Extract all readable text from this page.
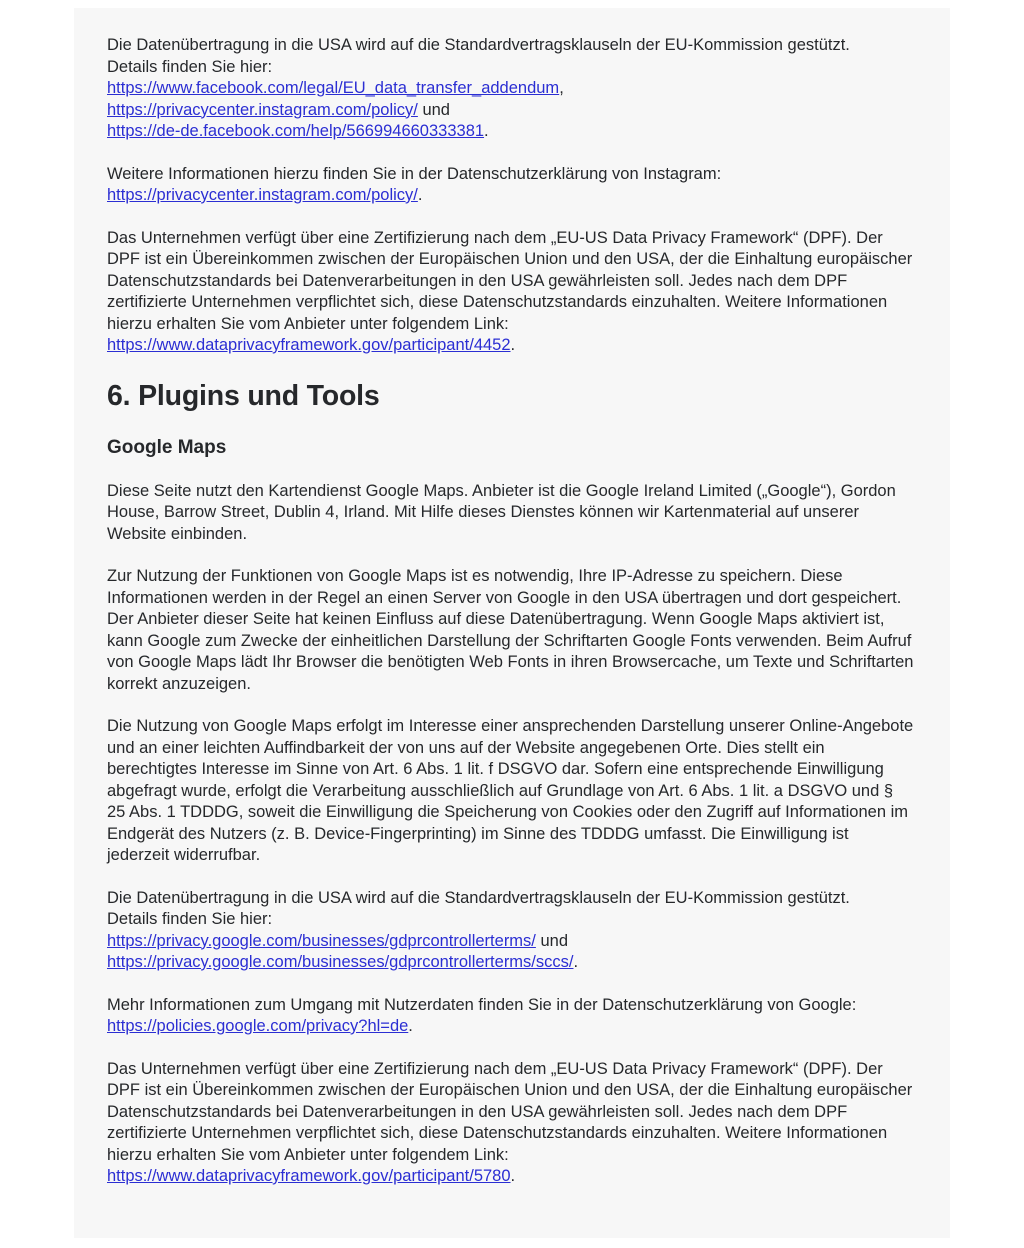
Die Datenübertragung in die USA wird auf die Standardvertragsklauseln der EU-Kommission gestützt.
Details finden Sie hier:
https://www.facebook.com/legal/EU_data_transfer_addendum,
https://privacycenter.instagram.com/policy/ und
https://de-de.facebook.com/help/566994660333381.

Weitere Informationen hierzu finden Sie in der Datenschutzerklärung von Instagram:
https://privacycenter.instagram.com/policy/.

Das Unternehmen verfügt über eine Zertifizierung nach dem „EU-US Data Privacy Framework“ (DPF). Der DPF ist ein Übereinkommen zwischen der Europäischen Union und den USA, der die Einhaltung europäischer Datenschutzstandards bei Datenverarbeitungen in den USA gewährleisten soll. Jedes nach dem DPF zertifizierte Unternehmen verpflichtet sich, diese Datenschutzstandards einzuhalten. Weitere Informationen hierzu erhalten Sie vom Anbieter unter folgendem Link:
https://www.dataprivacyframework.gov/participant/4452.

6. Plugins und Tools
Google Maps

Diese Seite nutzt den Kartendienst Google Maps. Anbieter ist die Google Ireland Limited („Google“), Gordon House, Barrow Street, Dublin 4, Irland. Mit Hilfe dieses Dienstes können wir Kartenmaterial auf unserer Website einbinden.

Zur Nutzung der Funktionen von Google Maps ist es notwendig, Ihre IP-Adresse zu speichern. Diese Informationen werden in der Regel an einen Server von Google in den USA übertragen und dort gespeichert. Der Anbieter dieser Seite hat keinen Einfluss auf diese Datenübertragung. Wenn Google Maps aktiviert ist, kann Google zum Zwecke der einheitlichen Darstellung der Schriftarten Google Fonts verwenden. Beim Aufruf von Google Maps lädt Ihr Browser die benötigten Web Fonts in ihren Browsercache, um Texte und Schriftarten korrekt anzuzeigen.

Die Nutzung von Google Maps erfolgt im Interesse einer ansprechenden Darstellung unserer Online-Angebote und an einer leichten Auffindbarkeit der von uns auf der Website angegebenen Orte. Dies stellt ein berechtigtes Interesse im Sinne von Art. 6 Abs. 1 lit. f DSGVO dar. Sofern eine entsprechende Einwilligung abgefragt wurde, erfolgt die Verarbeitung ausschließlich auf Grundlage von Art. 6 Abs. 1 lit. a DSGVO und § 25 Abs. 1 TDDDG, soweit die Einwilligung die Speicherung von Cookies oder den Zugriff auf Informationen im Endgerät des Nutzers (z. B. Device-Fingerprinting) im Sinne des TDDDG umfasst. Die Einwilligung ist jederzeit widerrufbar.

Die Datenübertragung in die USA wird auf die Standardvertragsklauseln der EU-Kommission gestützt.
Details finden Sie hier:
https://privacy.google.com/businesses/gdprcontrollerterms/ und
https://privacy.google.com/businesses/gdprcontrollerterms/sccs/.

Mehr Informationen zum Umgang mit Nutzerdaten finden Sie in der Datenschutzerklärung von Google:
https://policies.google.com/privacy?hl=de.

Das Unternehmen verfügt über eine Zertifizierung nach dem „EU-US Data Privacy Framework“ (DPF). Der DPF ist ein Übereinkommen zwischen der Europäischen Union und den USA, der die Einhaltung europäischer Datenschutzstandards bei Datenverarbeitungen in den USA gewährleisten soll. Jedes nach dem DPF zertifizierte Unternehmen verpflichtet sich, diese Datenschutzstandards einzuhalten. Weitere Informationen hierzu erhalten Sie vom Anbieter unter folgendem Link:
https://www.dataprivacyframework.gov/participant/5780.
